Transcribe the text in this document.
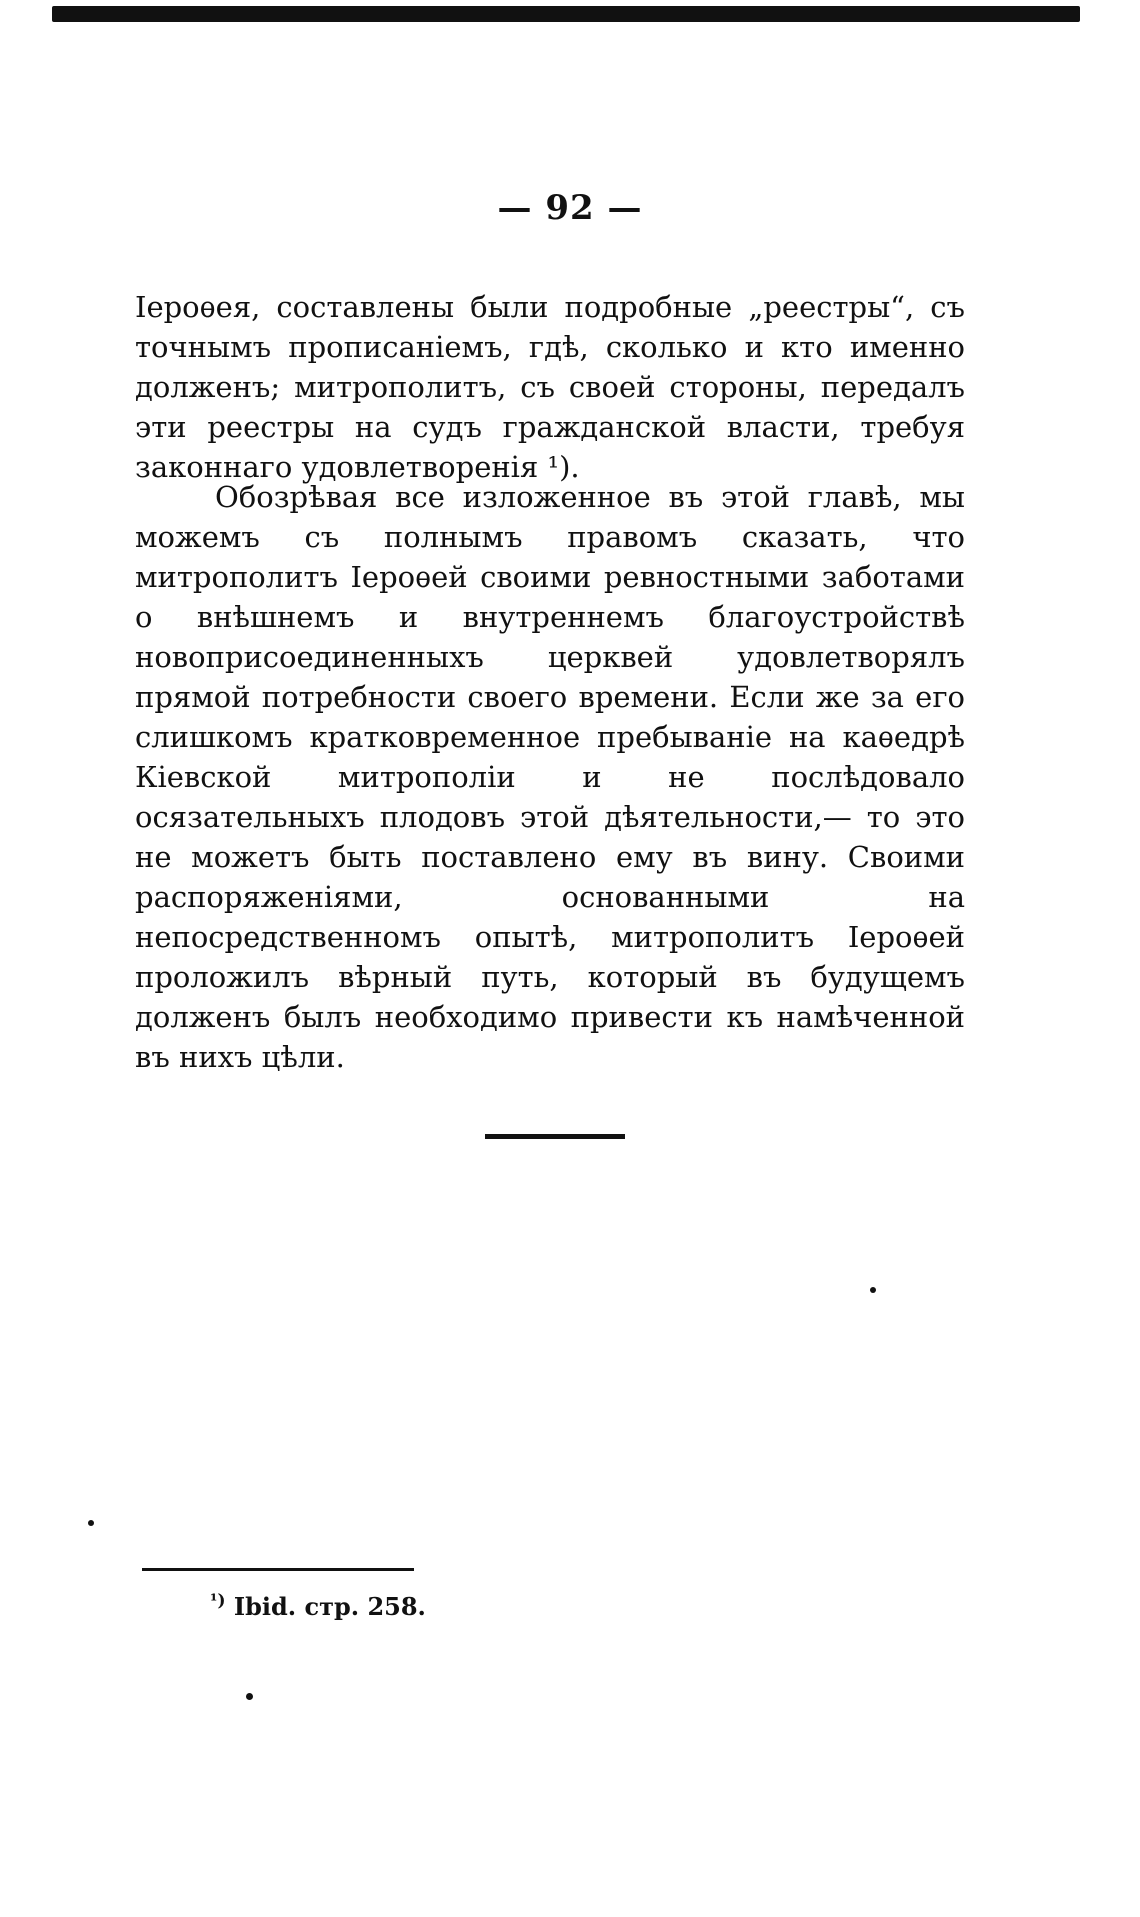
— 92 —

Іероѳея, составлены были подробные „реестры“, съ точнымъ прописаніемъ, гдѣ, сколько и кто именно долженъ; митрополитъ, съ своей стороны, передалъ эти реестры на судъ гражданской власти, требуя законнаго удовлетворенія ¹).

Обозрѣвая все изложенное въ этой главѣ, мы можемъ съ полнымъ правомъ сказать, что митрополитъ Іероѳей своими ревностными заботами о внѣшнемъ и внутреннемъ благоустройствѣ новоприсоединенныхъ церквей удовлетворялъ прямой потребности своего времени. Если же за его слишкомъ кратковременное пребываніе на каѳедрѣ Кіевской митрополіи и не послѣдовало осязательныхъ плодовъ этой дѣятельности,— то это не можетъ быть поставлено ему въ вину. Своими распоряженіями, основанными на непосредственномъ опытѣ, митрополитъ Іероѳей проложилъ вѣрный путь, который въ будущемъ долженъ былъ необходимо привести къ намѣченной въ нихъ цѣли.

$^{^1)}$ Ibid. стр. 258.
